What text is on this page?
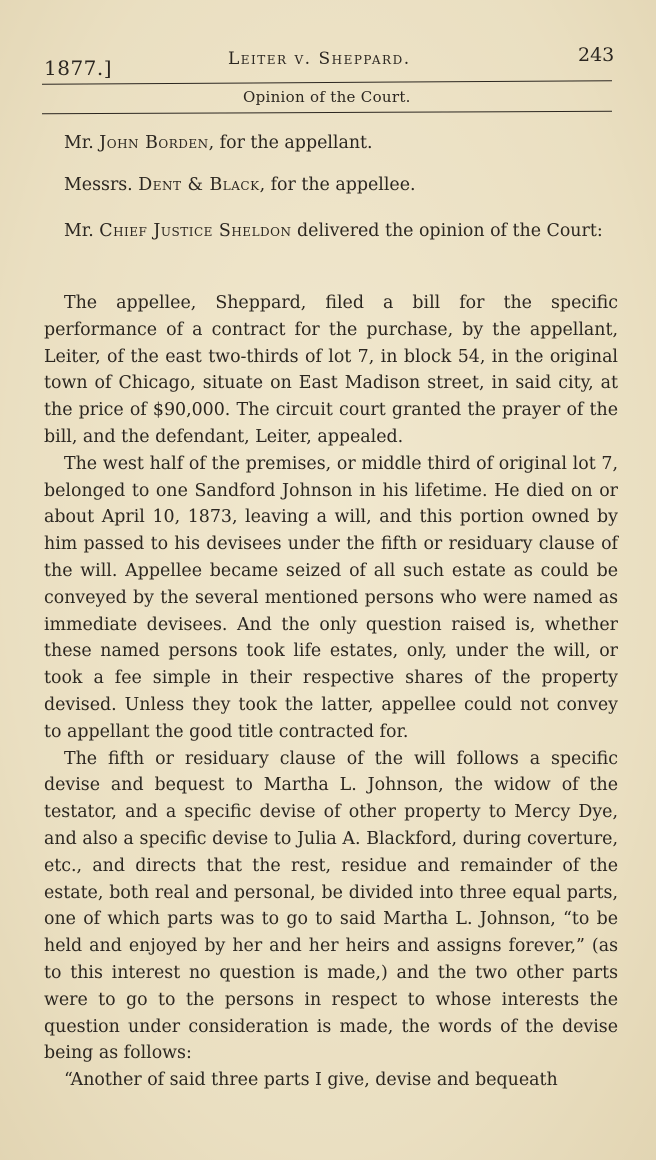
1877.]	Leiter v. Sheppard.	243
Opinion of the Court.

Mr. John Borden, for the appellant.

Messrs. Dent & Black, for the appellee.

Mr. Chief Justice Sheldon delivered the opinion of the Court:

The appellee, Sheppard, filed a bill for the specific performance of a contract for the purchase, by the appellant, Leiter, of the east two-thirds of lot 7, in block 54, in the original town of Chicago, situate on East Madison street, in said city, at the price of $90,000. The circuit court granted the prayer of the bill, and the defendant, Leiter, appealed.

The west half of the premises, or middle third of original lot 7, belonged to one Sandford Johnson in his lifetime. He died on or about April 10, 1873, leaving a will, and this portion owned by him passed to his devisees under the fifth or residuary clause of the will. Appellee became seized of all such estate as could be conveyed by the several mentioned persons who were named as immediate devisees. And the only question raised is, whether these named persons took life estates, only, under the will, or took a fee simple in their respective shares of the property devised. Unless they took the latter, appellee could not convey to appellant the good title contracted for.

The fifth or residuary clause of the will follows a specific devise and bequest to Martha L. Johnson, the widow of the testator, and a specific devise of other property to Mercy Dye, and also a specific devise to Julia A. Blackford, during coverture, etc., and directs that the rest, residue and remainder of the estate, both real and personal, be divided into three equal parts, one of which parts was to go to said Martha L. Johnson, “to be held and enjoyed by her and her heirs and assigns forever,” (as to this interest no question is made,) and the two other parts were to go to the persons in respect to whose interests the question under consideration is made, the words of the devise being as follows:

“Another of said three parts I give, devise and bequeath
